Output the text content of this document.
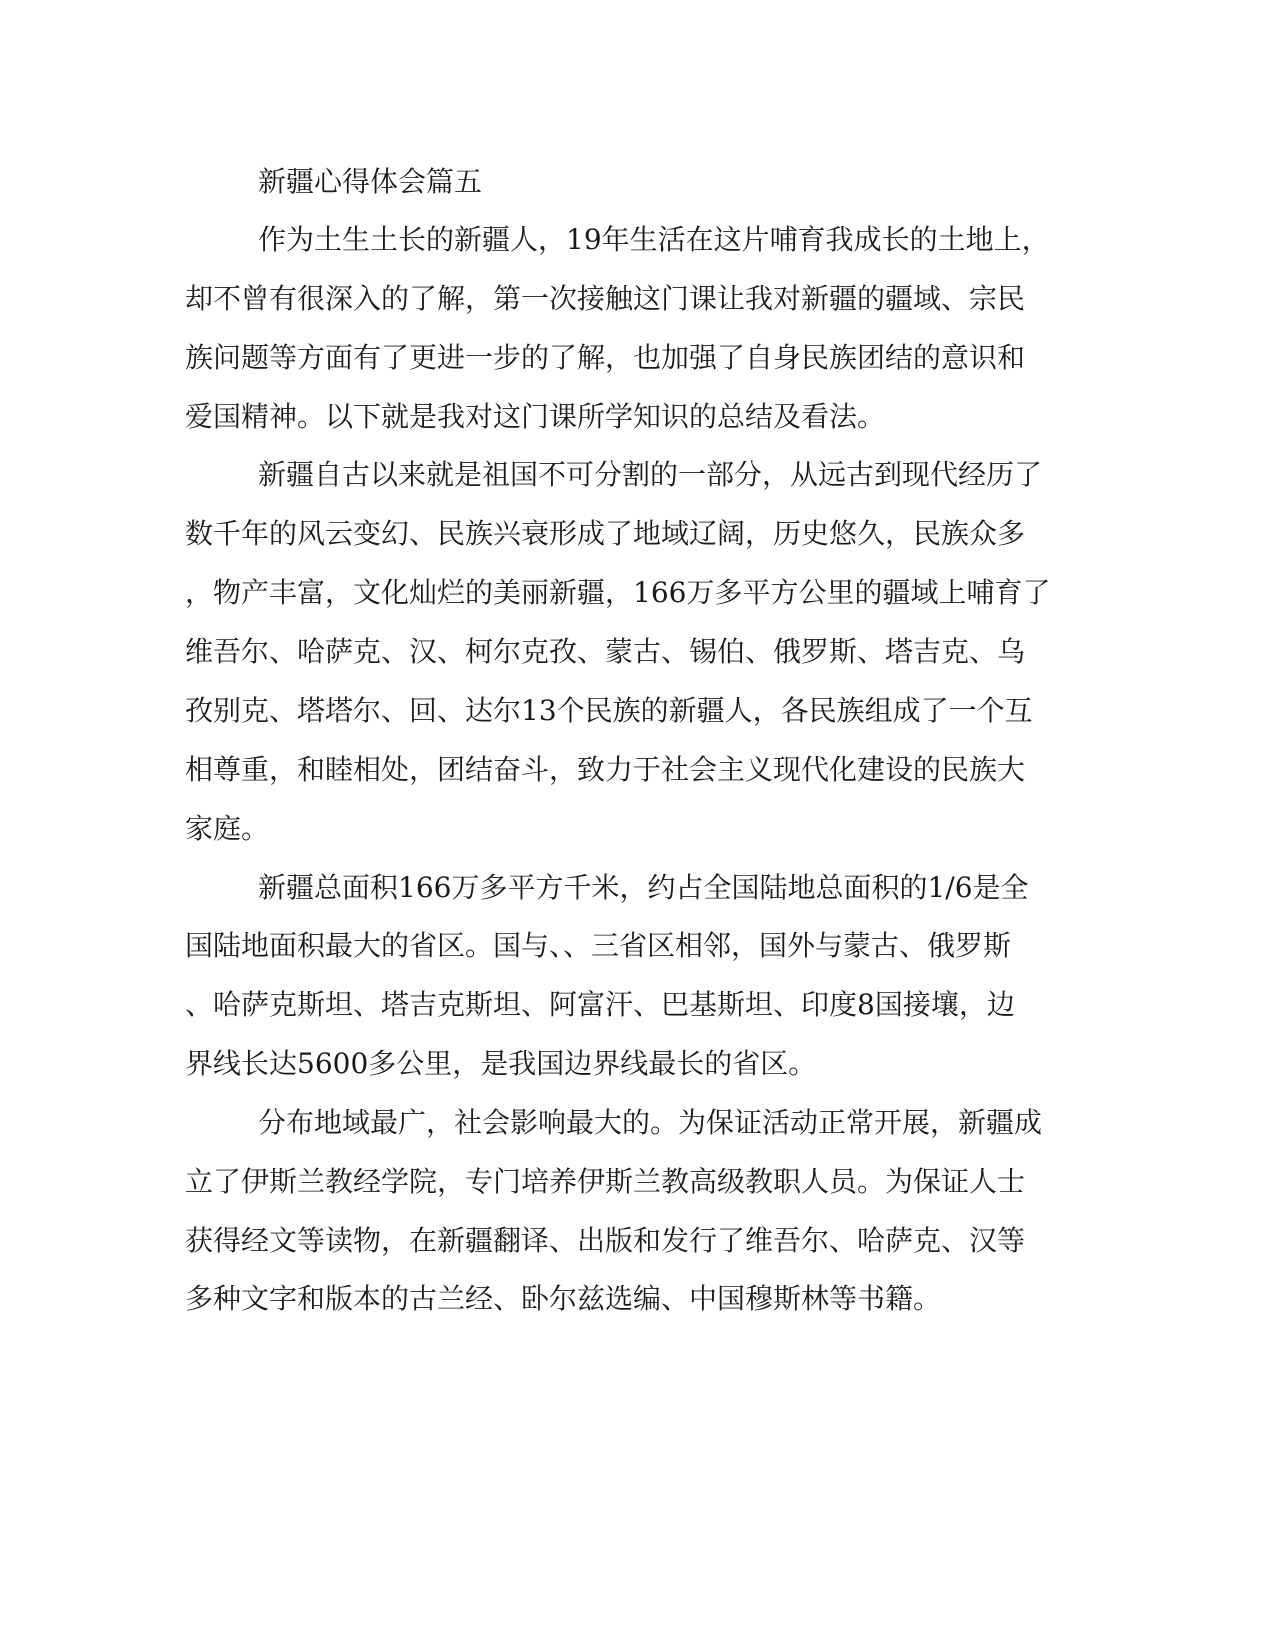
新疆心得体会篇五

作为土生土长的新疆人，19年生活在这片哺育我成长的土地上，

却不曾有很深入的了解，第一次接触这门课让我对新疆的疆域、宗民

族问题等方面有了更进一步的了解，也加强了自身民族团结的意识和

爱国精神。以下就是我对这门课所学知识的总结及看法。

新疆自古以来就是祖国不可分割的一部分，从远古到现代经历了

数千年的风云变幻、民族兴衰形成了地域辽阔，历史悠久，民族众多

，物产丰富，文化灿烂的美丽新疆，166万多平方公里的疆域上哺育了

维吾尔、哈萨克、汉、柯尔克孜、蒙古、锡伯、俄罗斯、塔吉克、乌

孜别克、塔塔尔、回、达尔13个民族的新疆人，各民族组成了一个互

相尊重，和睦相处，团结奋斗，致力于社会主义现代化建设的民族大

家庭。

新疆总面积166万多平方千米，约占全国陆地总面积的1/6是全

国陆地面积最大的省区。国与、、三省区相邻，国外与蒙古、俄罗斯

、哈萨克斯坦、塔吉克斯坦、阿富汗、巴基斯坦、印度8国接壤，边

界线长达5600多公里，是我国边界线最长的省区。

分布地域最广，社会影响最大的。为保证活动正常开展，新疆成

立了伊斯兰教经学院，专门培养伊斯兰教高级教职人员。为保证人士

获得经文等读物，在新疆翻译、出版和发行了维吾尔、哈萨克、汉等

多种文字和版本的古兰经、卧尔兹选编、中国穆斯林等书籍。
